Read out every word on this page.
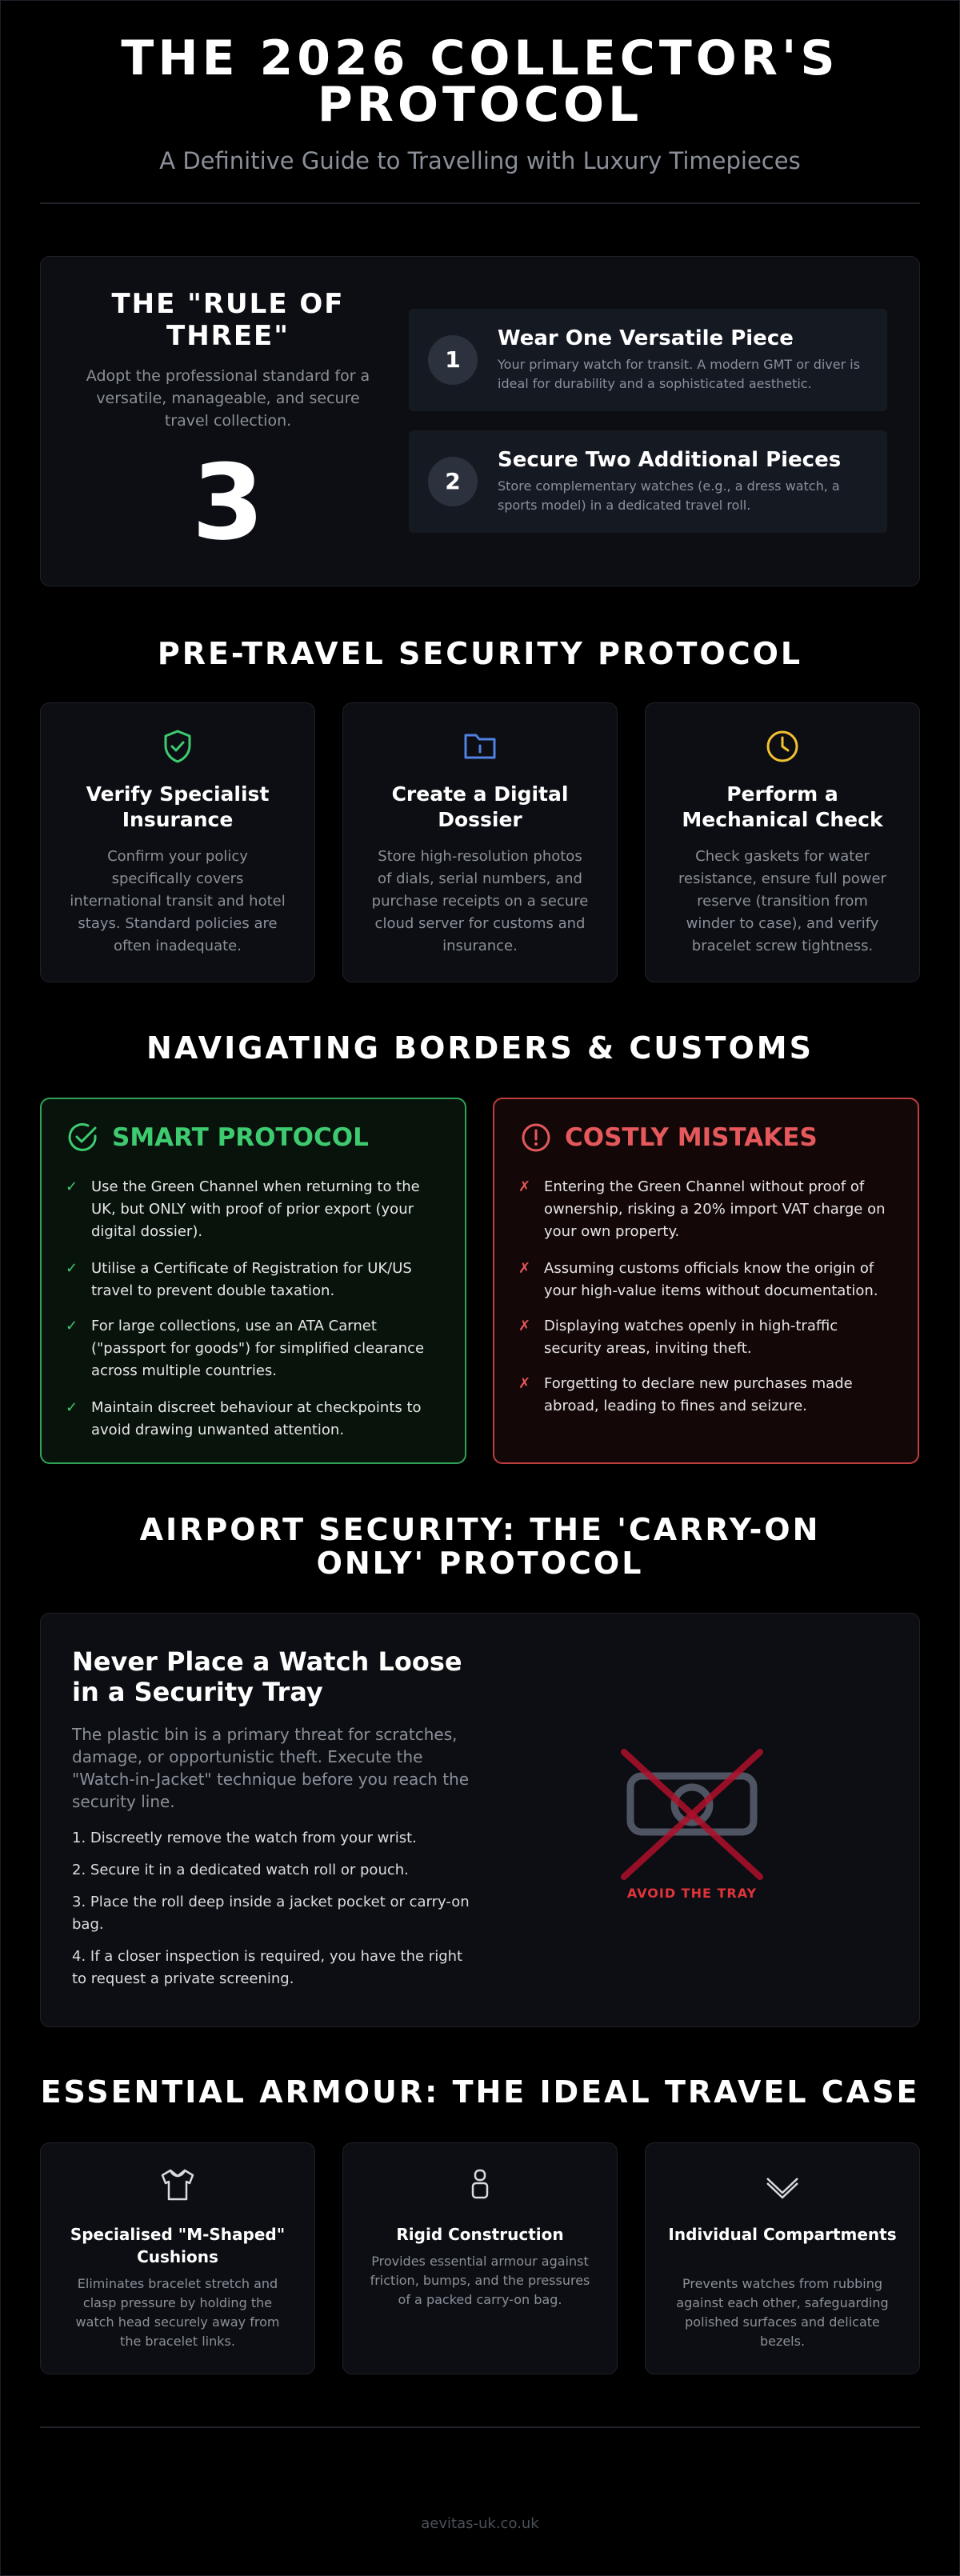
THE 2026 COLLECTOR'S PROTOCOL
A Definitive Guide to Travelling with Luxury Timepieces
THE "RULE OF THREE"
Adopt the professional standard for a versatile, manageable, and secure travel collection.
3
1
Wear One Versatile Piece
Your primary watch for transit. A modern GMT or diver is ideal for durability and a sophisticated aesthetic.
2
Secure Two Additional Pieces
Store complementary watches (e.g., a dress watch, a sports model) in a dedicated travel roll.
PRE-TRAVEL SECURITY PROTOCOL
Verify Specialist Insurance
Confirm your policy specifically covers international transit and hotel stays. Standard policies are often inadequate.
Create a Digital Dossier
Store high-resolution photos of dials, serial numbers, and purchase receipts on a secure cloud server for customs and insurance.
Perform a Mechanical Check
Check gaskets for water resistance, ensure full power reserve (transition from winder to case), and verify bracelet screw tightness.
NAVIGATING BORDERS & CUSTOMS
SMART PROTOCOL
✓ Use the Green Channel when returning to the UK, but ONLY with proof of prior export (your digital dossier).
✓ Utilise a Certificate of Registration for UK/US travel to prevent double taxation.
✓ For large collections, use an ATA Carnet ("passport for goods") for simplified clearance across multiple countries.
✓ Maintain discreet behaviour at checkpoints to avoid drawing unwanted attention.
COSTLY MISTAKES
✗ Entering the Green Channel without proof of ownership, risking a 20% import VAT charge on your own property.
✗ Assuming customs officials know the origin of your high-value items without documentation.
✗ Displaying watches openly in high-traffic security areas, inviting theft.
✗ Forgetting to declare new purchases made abroad, leading to fines and seizure.
AIRPORT SECURITY: THE 'CARRY-ON ONLY' PROTOCOL
Never Place a Watch Loose in a Security Tray
The plastic bin is a primary threat for scratches, damage, or opportunistic theft. Execute the "Watch-in-Jacket" technique before you reach the security line.
1. Discreetly remove the watch from your wrist.
2. Secure it in a dedicated watch roll or pouch.
3. Place the roll deep inside a jacket pocket or carry-on bag.
4. If a closer inspection is required, you have the right to request a private screening.
AVOID THE TRAY
ESSENTIAL ARMOUR: THE IDEAL TRAVEL CASE
Specialised "M-Shaped" Cushions
Eliminates bracelet stretch and clasp pressure by holding the watch head securely away from the bracelet links.
Rigid Construction
Provides essential armour against friction, bumps, and the pressures of a packed carry-on bag.
Individual Compartments
Prevents watches from rubbing against each other, safeguarding polished surfaces and delicate bezels.
aevitas-uk.co.uk
